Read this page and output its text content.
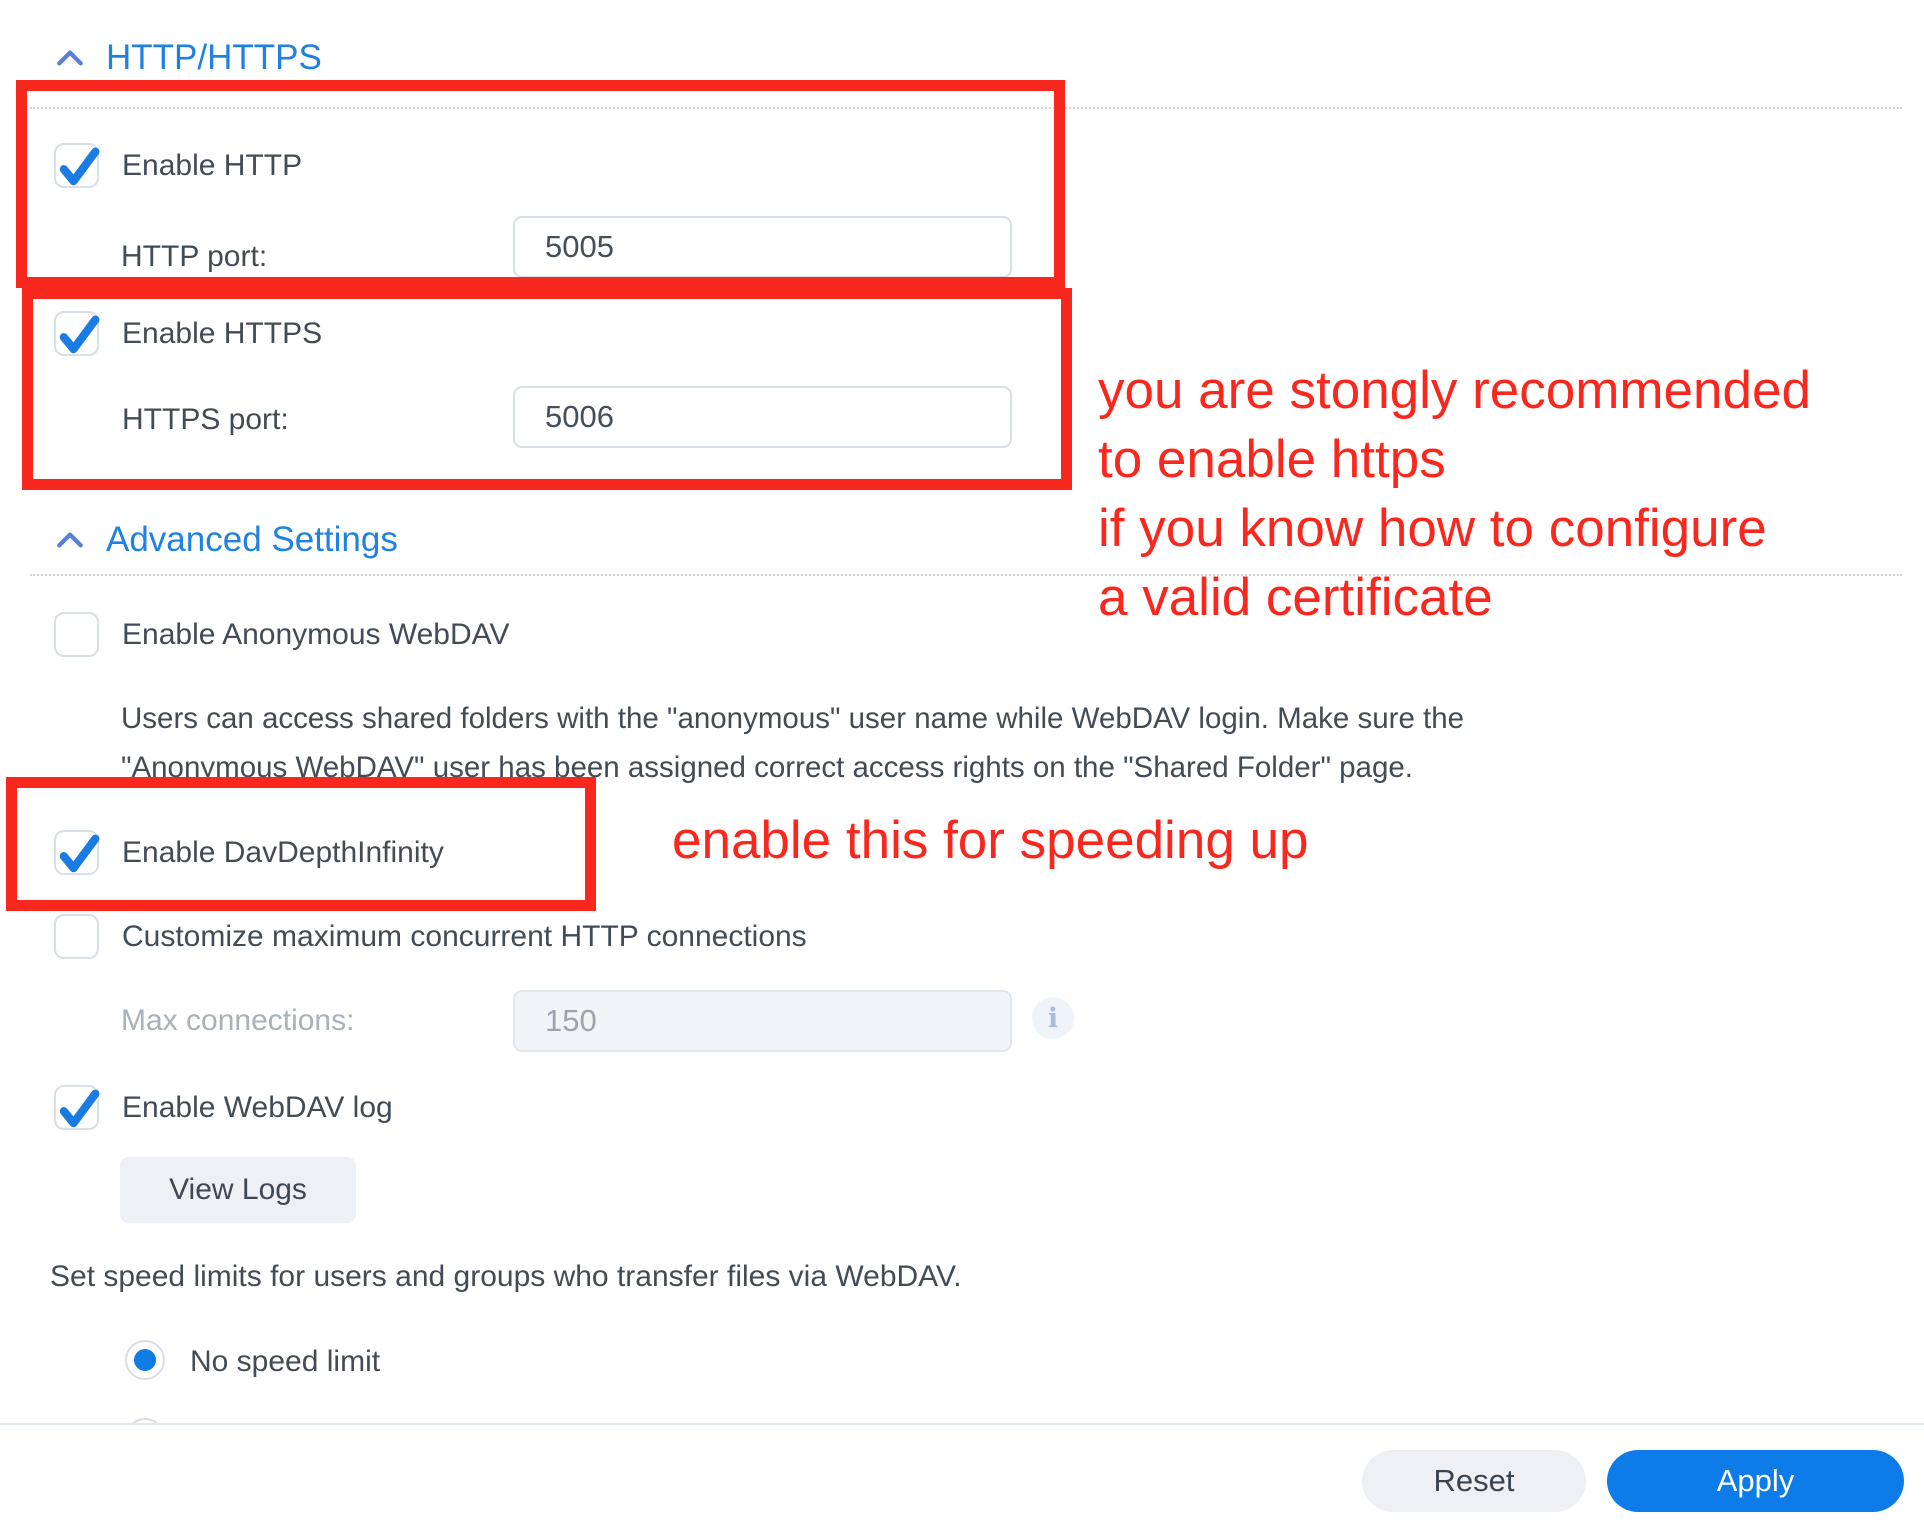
HTTP/HTTPS
Enable HTTP
HTTP port:
5005
Enable HTTPS
HTTPS port:
5006
Advanced Settings
Enable Anonymous WebDAV
Users can access shared folders with the "anonymous" user name while WebDAV login. Make sure the
"Anonymous WebDAV" user has been assigned correct access rights on the "Shared Folder" page.
Enable DavDepthInfinity
Customize maximum concurrent HTTP connections
Max connections:
150	i
Enable WebDAV log
View Logs
Set speed limits for users and groups who transfer files via WebDAV.
No speed limit
you are stongly recommended
to enable https
if you know how to configure
a valid certificate
enable this for speeding up
Reset	Apply
